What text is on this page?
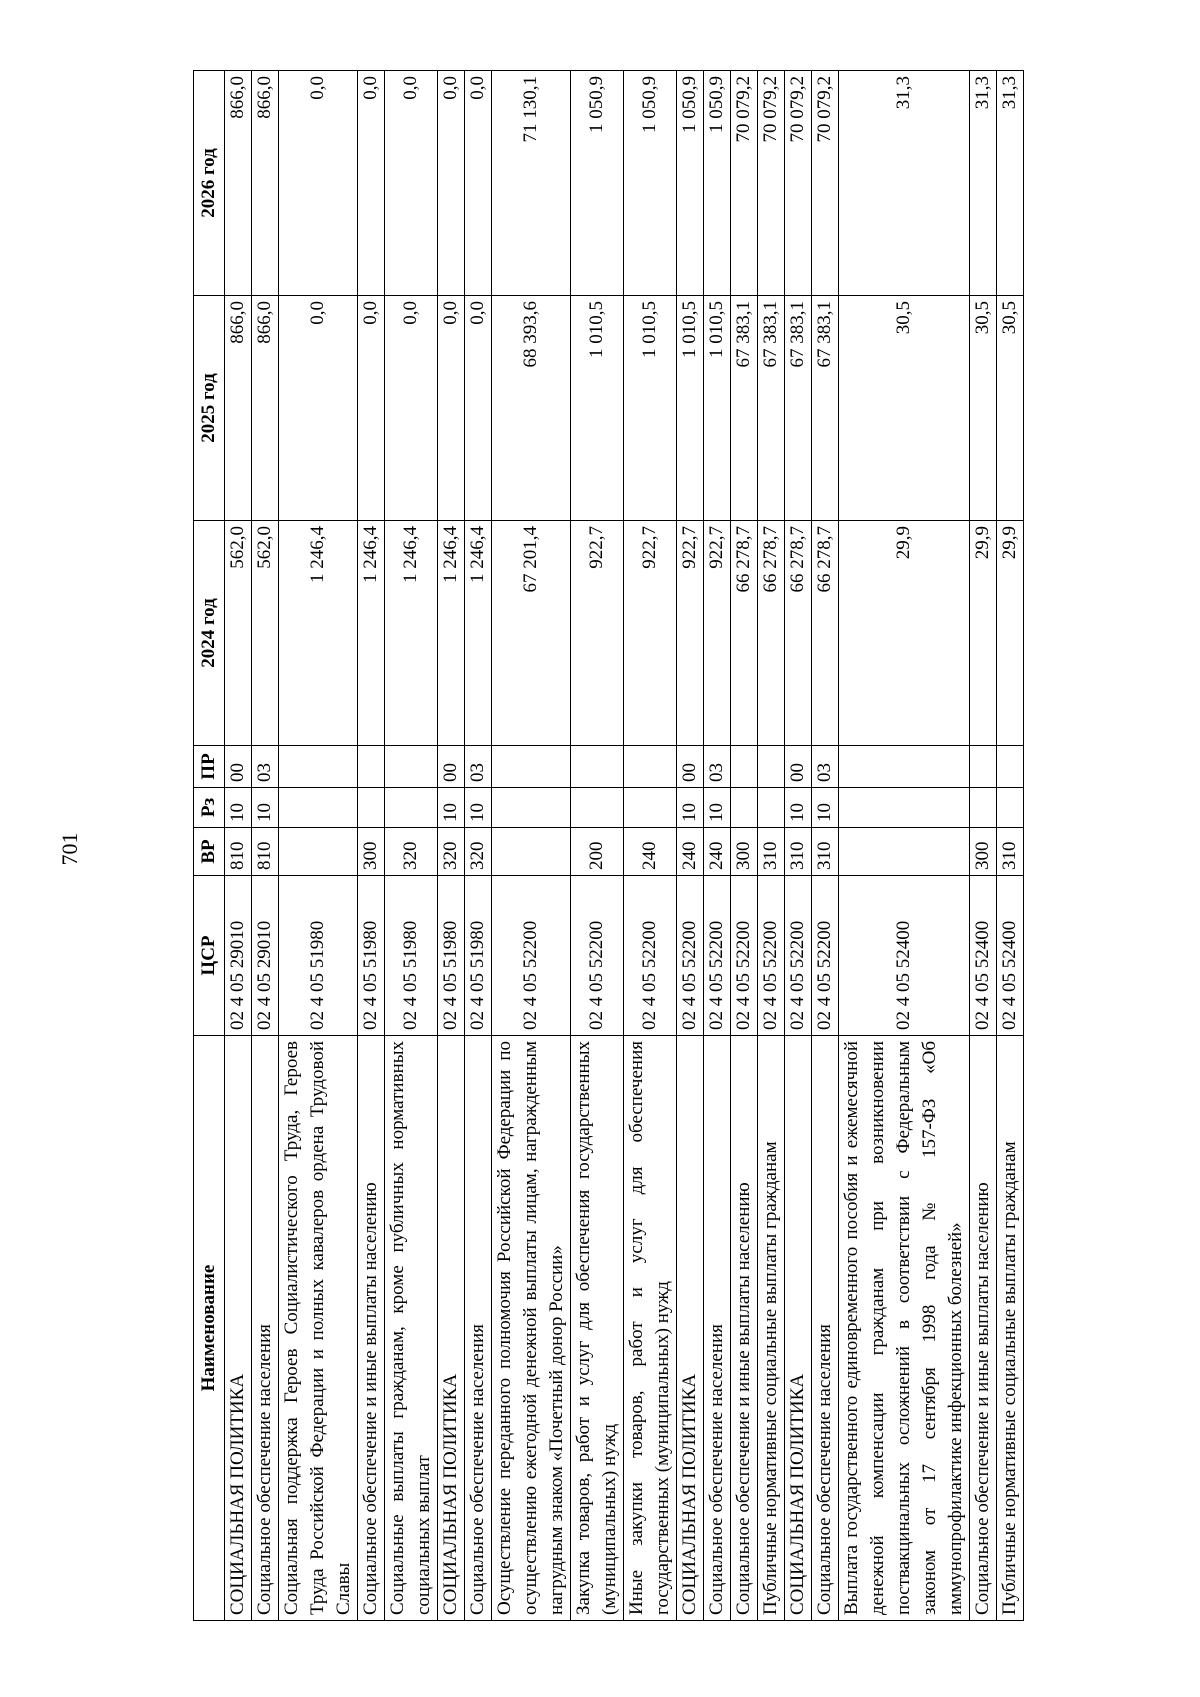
701
Наименование	ЦСР	ВР	Рз	ПР	2024 год	2025 год	2026 год
СОЦИАЛЬНАЯ ПОЛИТИКА	02 4 05 29010	810	10	00	562,0	866,0	866,0
Социальное обеспечение населения	02 4 05 29010	810	10	03	562,0	866,0	866,0
Социальная поддержка Героев Социалистического Труда, Героев Труда Российской Федерации и полных кавалеров ордена Трудовой Славы	02 4 05 51980				1 246,4	0,0	0,0
Социальное обеспечение и иные выплаты населению	02 4 05 51980	300			1 246,4	0,0	0,0
Социальные выплаты гражданам, кроме публичных нормативных социальных выплат	02 4 05 51980	320			1 246,4	0,0	0,0
СОЦИАЛЬНАЯ ПОЛИТИКА	02 4 05 51980	320	10	00	1 246,4	0,0	0,0
Социальное обеспечение населения	02 4 05 51980	320	10	03	1 246,4	0,0	0,0
Осуществление переданного полномочия Российской Федерации по осуществлению ежегодной денежной выплаты лицам, награжденным нагрудным знаком «Почетный донор России»	02 4 05 52200				67 201,4	68 393,6	71 130,1
Закупка товаров, работ и услуг для обеспечения государственных (муниципальных) нужд	02 4 05 52200	200			922,7	1 010,5	1 050,9
Иные закупки товаров, работ и услуг для обеспечения государственных (муниципальных) нужд	02 4 05 52200	240			922,7	1 010,5	1 050,9
СОЦИАЛЬНАЯ ПОЛИТИКА	02 4 05 52200	240	10	00	922,7	1 010,5	1 050,9
Социальное обеспечение населения	02 4 05 52200	240	10	03	922,7	1 010,5	1 050,9
Социальное обеспечение и иные выплаты населению	02 4 05 52200	300			66 278,7	67 383,1	70 079,2
Публичные нормативные социальные выплаты гражданам	02 4 05 52200	310			66 278,7	67 383,1	70 079,2
СОЦИАЛЬНАЯ ПОЛИТИКА	02 4 05 52200	310	10	00	66 278,7	67 383,1	70 079,2
Социальное обеспечение населения	02 4 05 52200	310	10	03	66 278,7	67 383,1	70 079,2
Выплата государственного единовременного пособия и ежемесячной денежной компенсации гражданам при возникновении поствакцинальных осложнений в соответствии с Федеральным законом от 17 сентября 1998 года № 157-ФЗ «Об иммунопрофилактике инфекционных болезней»	02 4 05 52400				29,9	30,5	31,3
Социальное обеспечение и иные выплаты населению	02 4 05 52400	300			29,9	30,5	31,3
Публичные нормативные социальные выплаты гражданам	02 4 05 52400	310			29,9	30,5	31,3
